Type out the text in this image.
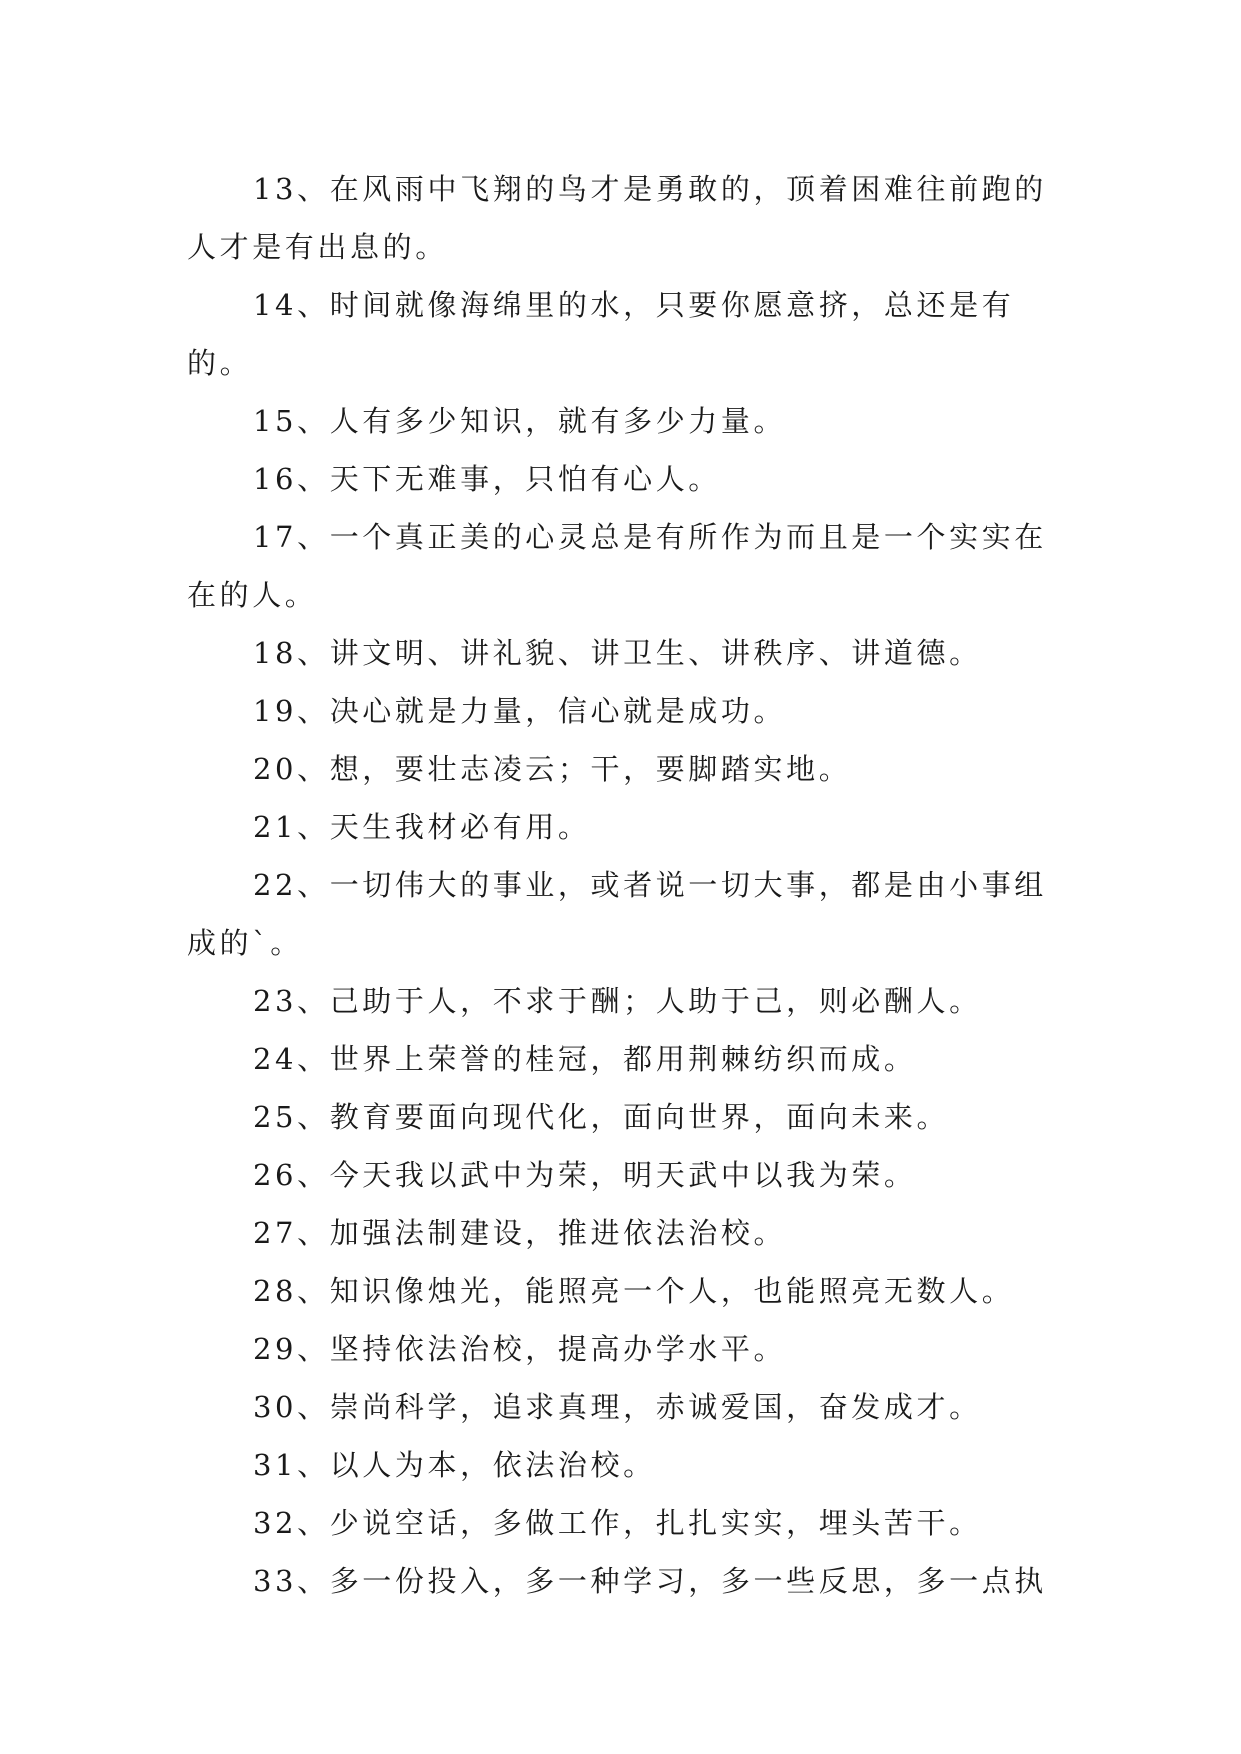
13、在风雨中飞翔的鸟才是勇敢的，顶着困难往前跑的人才是有出息的。

14、时间就像海绵里的水，只要你愿意挤，总还是有的。

15、人有多少知识，就有多少力量。

16、天下无难事，只怕有心人。

17、一个真正美的心灵总是有所作为而且是一个实实在在的人。

18、讲文明、讲礼貌、讲卫生、讲秩序、讲道德。

19、决心就是力量，信心就是成功。

20、想，要壮志凌云；干，要脚踏实地。

21、天生我材必有用。

22、一切伟大的事业，或者说一切大事，都是由小事组成的`。

23、己助于人，不求于酬；人助于己，则必酬人。

24、世界上荣誉的桂冠，都用荆棘纺织而成。

25、教育要面向现代化，面向世界，面向未来。

26、今天我以武中为荣，明天武中以我为荣。

27、加强法制建设，推进依法治校。

28、知识像烛光，能照亮一个人，也能照亮无数人。

29、坚持依法治校，提高办学水平。

30、崇尚科学，追求真理，赤诚爱国，奋发成才。

31、以人为本，依法治校。

32、少说空话，多做工作，扎扎实实，埋头苦干。

33、多一份投入，多一种学习，多一些反思，多一点执
